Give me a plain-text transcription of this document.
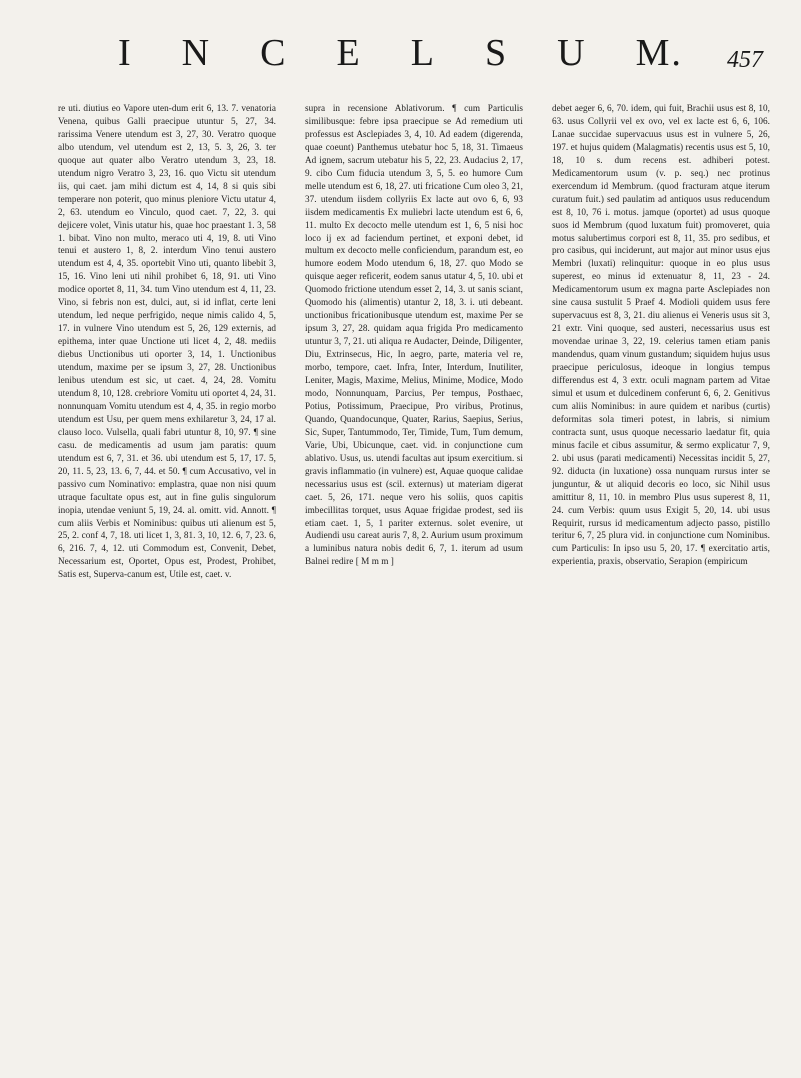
I N C E L S U M. 457

re uti. diutius eo Vapore uten-dum erit 6, 13. 7. venatoria Venena, quibus Galli praecipue utuntur 5, 27, 34. rarissima Venere utendum est 3, 27, 30. Veratro quoque albo utendum, vel utendum est 2, 13, 5. 3, 26, 3. ter quoque aut quater albo Veratro utendum 3, 23, 18. utendum nigro Veratro 3, 23, 16. quo Victu sit utendum iis, qui caet. jam mihi dictum est 4, 14, 8 si quis sibi temperare non poterit, quo minus pleniore Victu utatur 4, 2, 63. utendum eo Vinculo, quod caet. 7, 22, 3. qui dejicere volet, Vinis utatur his, quae hoc praestant 1. 3, 58 1. bibat. Vino non multo, meraco uti 4, 19, 8. uti Vino tenui et austero 1, 8, 2. interdum Vino tenui austero utendum est 4, 4, 35. oportebit Vino uti, quanto libebit 3, 15, 16. Vino leni uti nihil prohibet 6, 18, 91. uti Vino modice oportet 8, 11, 34. tum Vino utendum est 4, 11, 23. Vino, si febris non est, dulci, aut, si id inflat, certe leni utendum, led neque perfrigido, neque nimis calido 4, 5, 17. in vulnere Vino utendum est 5, 26, 129 externis, ad epithema, inter quae Unctione uti licet 4, 2, 48. mediis diebus Unctionibus uti oporter 3, 14, 1. Unctionibus utendum, maxime per se ipsum 3, 27, 28. Unctionibus lenibus utendum est sic, ut caet. 4, 24, 28. Vomitu utendum 8, 10, 128. crebriore Vomitu uti oportet 4, 24, 31. nonnunquam Vomitu utendum est 4, 4, 35. in regio morbo utendum est Usu, per quem mens exhilaretur 3, 24, 17 al. clauso loco. Vulsella, quali fabri utuntur 8, 10, 97. ¶ sine casu. de medicamentis ad usum jam paratis: quum utendum est 6, 7, 31. et 36. ubi utendum est 5, 17, 17. 5, 20, 11. 5, 23, 13. 6, 7, 44. et 50. ¶ cum Accusativo, vel in passivo cum Nominativo: emplastra, quae non nisi quum utraque facultate opus est, aut in fine gulis singulorum inopia, utendae veniunt 5, 19, 24. al. omitt. vid. Annott. ¶ cum aliis Verbis et Nominibus: quibus uti alienum est 5, 25, 2. conf 4, 7, 18. uti licet 1, 3, 81. 3, 10, 12. 6, 7, 23. 6, 6, 216. 7, 4, 12. uti Commodum est, Convenit, Debet, Necessarium est, Oportet, Opus est, Prodest, Prohibet, Satis est, Superva-canum est, Utile est, caet. v.

supra in recensione Ablativorum. ¶ cum Particulis similibusque: febre ipsa praecipue se Ad remedium uti professus est Asclepiades 3, 4, 10. Ad eadem (digerenda, quae coeunt) Panthemus utebatur hoc 5, 18, 31. Timaeus Ad ignem, sacrum utebatur his 5, 22, 23. Audacius 2, 17, 9. cibo Cum fiducia utendum 3, 5, 5. eo humore Cum melle utendum est 6, 18, 27. uti fricatione Cum oleo 3, 21, 37. utendum iisdem collyriis Ex lacte aut ovo 6, 6, 93 iisdem medicamentis Ex muliebri lacte utendum est 6, 6, 11. multo Ex decocto melle utendum est 1, 6, 5 nisi hoc loco ij ex ad faciendum pertinet, et exponi debet, id multum ex decocto melle conficiendum, parandum est, eo humore eodem Modo utendum 6, 18, 27. quo Modo se quisque aeger reficerit, eodem sanus utatur 4, 5, 10. ubi et Quomodo frictione utendum esset 2, 14, 3. ut sanis sciant, Quomodo his (alimentis) utantur 2, 18, 3. i. uti debeant. unctionibus fricationibusque utendum est, maxime Per se ipsum 3, 27, 28. quidam aqua frigida Pro medicamento utuntur 3, 7, 21. uti aliqua re Audacter, Deinde, Diligenter, Diu, Extrinsecus, Hic, In aegro, parte, materia vel re, morbo, tempore, caet. Infra, Inter, Interdum, Inutiliter, Leniter, Magis, Maxime, Melius, Minime, Modice, Modo modo, Nonnunquam, Parcius, Per tempus, Posthaec, Potius, Potissimum, Praecipue, Pro viribus, Protinus, Quando, Quandocunque, Quater, Rarius, Saepius, Serius, Sic, Super, Tantummodo, Ter, Timide, Tum, Tum demum, Varie, Ubi, Ubicunque, caet. vid. in conjunctione cum ablativo. Usus, us. utendi facultas aut ipsum exercitium. si gravis inflammatio (in vulnere) est, Aquae quoque calidae necessarius usus est (scil. externus) ut materiam digerat caet. 5, 26, 171. neque vero his soliis, quos capitis imbecillitas torquet, usus Aquae frigidae prodest, sed iis etiam caet. 1, 5, 1 pariter externus. solet evenire, ut Audiendi usu careat auris 7, 8, 2. Aurium usum proximum a luminibus natura nobis dedit 6, 7, 1. iterum ad usum Balnei redire [ M m m ]

debet aeger 6, 6, 70. idem, qui fuit, Brachii usus est 8, 10, 63. usus Collyrii vel ex ovo, vel ex lacte est 6, 6, 106. Lanae succidae supervacuus usus est in vulnere 5, 26, 197. et hujus quidem (Malagmatis) recentis usus est 5, 10, 18, 10 s. dum recens est. adhiberi potest. Medicamentorum usum (v. p. seq.) nec protinus exercendum id Membrum. (quod fracturam atque iterum curatum fuit.) sed paulatim ad antiquos usus reducendum est 8, 10, 76 i. motus. jamque (oportet) ad usus quoque suos id Membrum (quod luxatum fuit) promoveret, quia motus salubertimus corpori est 8, 11, 35. pro sedibus, et pro casibus, qui inciderunt, aut major aut minor usus ejus Membri (luxati) relinquitur: quoque in eo plus usus superest, eo minus id extenuatur 8, 11, 23 - 24. Medicamentorum usum ex magna parte Asclepiades non sine causa sustulit 5 Praef 4. Modioli quidem usus fere supervacuus est 8, 3, 21. diu alienus ei Veneris usus sit 3, 21 extr. Vini quoque, sed austeri, necessarius usus est movendae urinae 3, 22, 19. celerius tamen etiam panis mandendus, quam vinum gustandum; siquidem hujus usus praecipue periculosus, ideoque in longius tempus differendus est 4, 3 extr. oculi magnam partem ad Vitae simul et usum et dulcedinem conferunt 6, 6, 2. Genitivus cum aliis Nominibus: in aure quidem et naribus (curtis) deformitas sola timeri potest, in labris, si nimium contracta sunt, usus quoque necessario laedatur fit, quia minus facile et cibus assumitur, & sermo explicatur 7, 9, 2. ubi usus (parati medicamenti) Necessitas incidit 5, 27, 92. diducta (in luxatione) ossa nunquam rursus inter se junguntur, & ut aliquid decoris eo loco, sic Nihil usus amittitur 8, 11, 10. in membro Plus usus superest 8, 11, 24. cum Verbis: quum usus Exigit 5, 20, 14. ubi usus Requirit, rursus id medicamentum adjecto passo, pistillo teritur 6, 7, 25 plura vid. in conjunctione cum Nominibus. cum Particulis: In ipso usu 5, 20, 17. ¶ exercitatio artis, experientia, praxis, observatio, Serapion (empiricum
